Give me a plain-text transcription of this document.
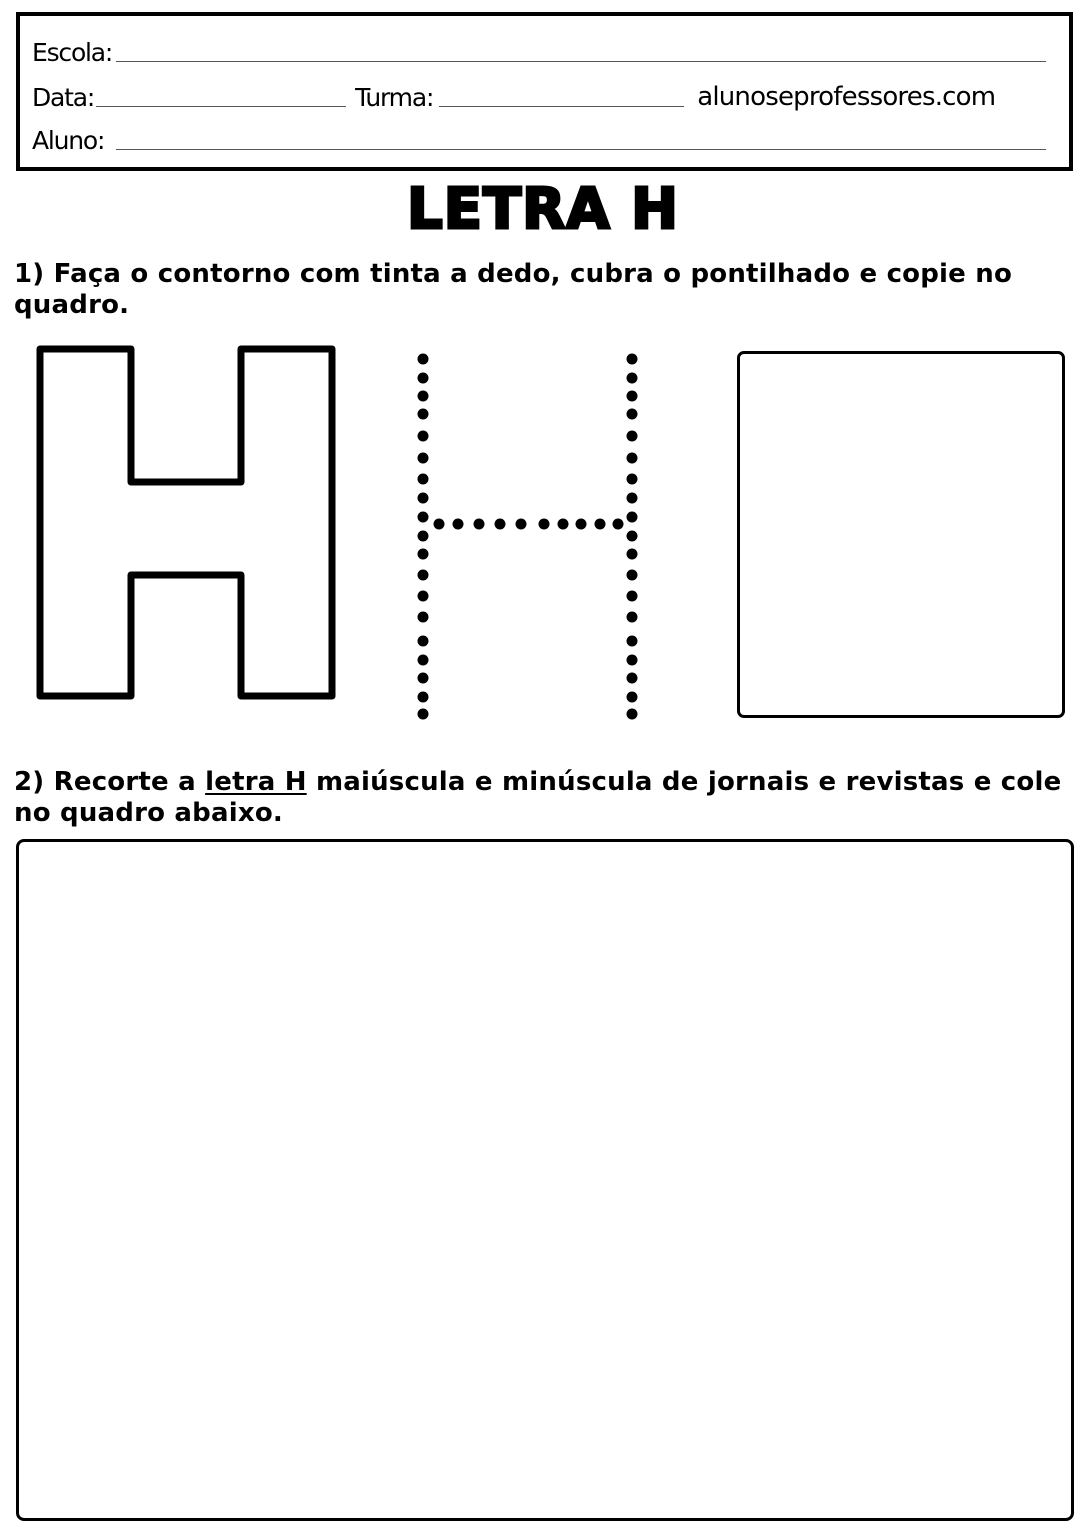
Escola:
Data:	Turma:	alunoseprofessores.com
Aluno:
LETRA H
1) Faça o contorno com tinta a dedo, cubra o pontilhado e copie no quadro.
2) Recorte a letra H maiúscula e minúscula de jornais e revistas e cole no quadro abaixo.
